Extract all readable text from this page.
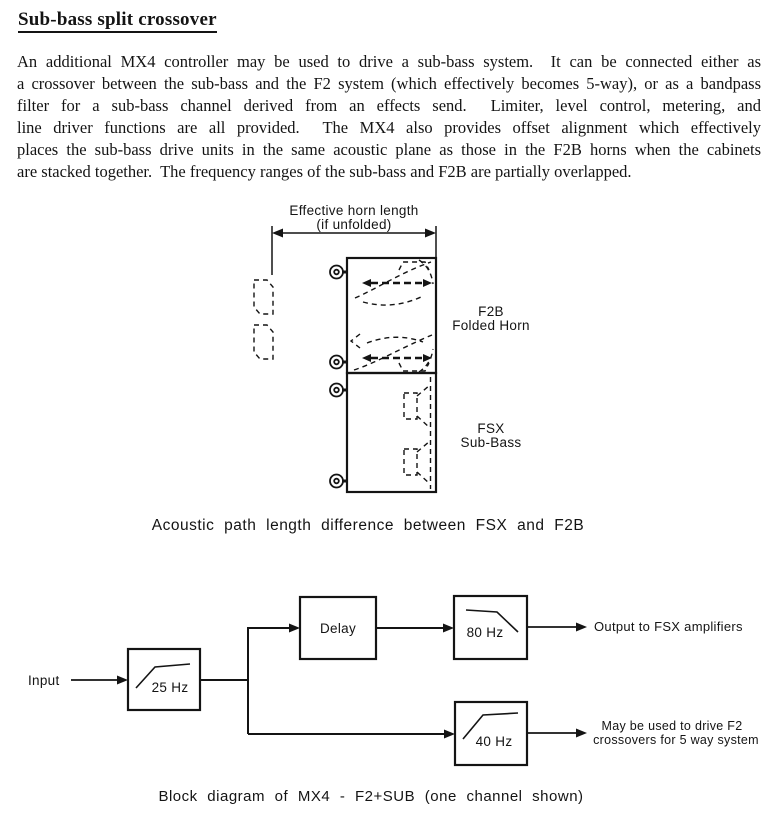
Sub-bass split crossover
An additional MX4 controller may be used to drive a sub-bass system.  It can be connected either as
a crossover between the sub-bass and the F2 system (which effectively becomes 5-way), or as a bandpass
filter for a sub-bass channel derived from an effects send.  Limiter, level control, metering, and
line driver functions are all provided.  The MX4 also provides offset alignment which effectively
places the sub-bass drive units in the same acoustic plane as those in the F2B horns when the cabinets
are stacked together.  The frequency ranges of the sub-bass and F2B are partially overlapped.
Effective horn length
(if unfolded)
F2B
Folded Horn
FSX
Sub-Bass
Acoustic path length difference between FSX and F2B
Input	25 Hz
Delay	80 Hz	Output to FSX amplifiers
40 Hz
May be used to drive F2
crossovers for 5 way system
Block diagram of MX4 - F2+SUB (one channel shown)
